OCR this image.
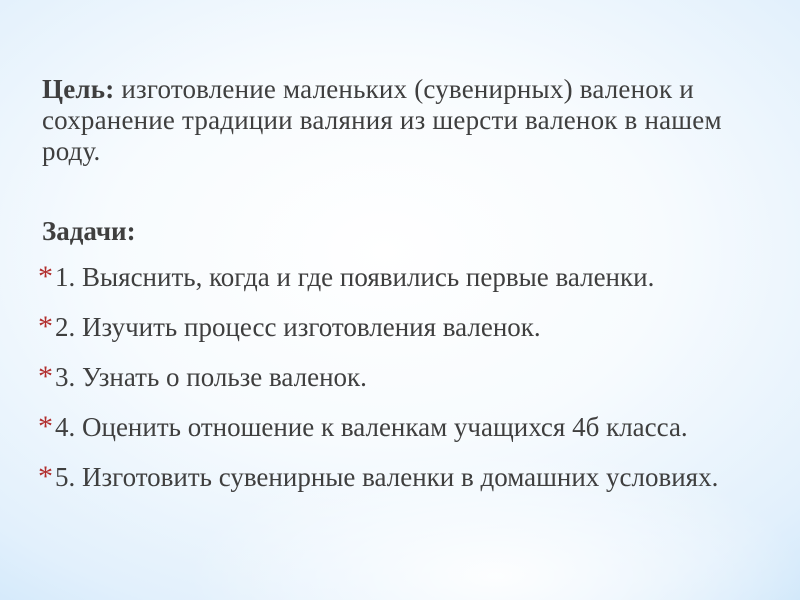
Цель: изготовление маленьких (сувенирных) валенок и сохранение традиции валяния из шерсти валенок в нашем роду.

Задачи:

*1. Выяснить, когда и где появились первые валенки.
*2. Изучить процесс изготовления валенок.
*3. Узнать о пользе валенок.
*4. Оценить отношение к валенкам учащихся 4б класса.
*5. Изготовить сувенирные валенки в домашних условиях.
